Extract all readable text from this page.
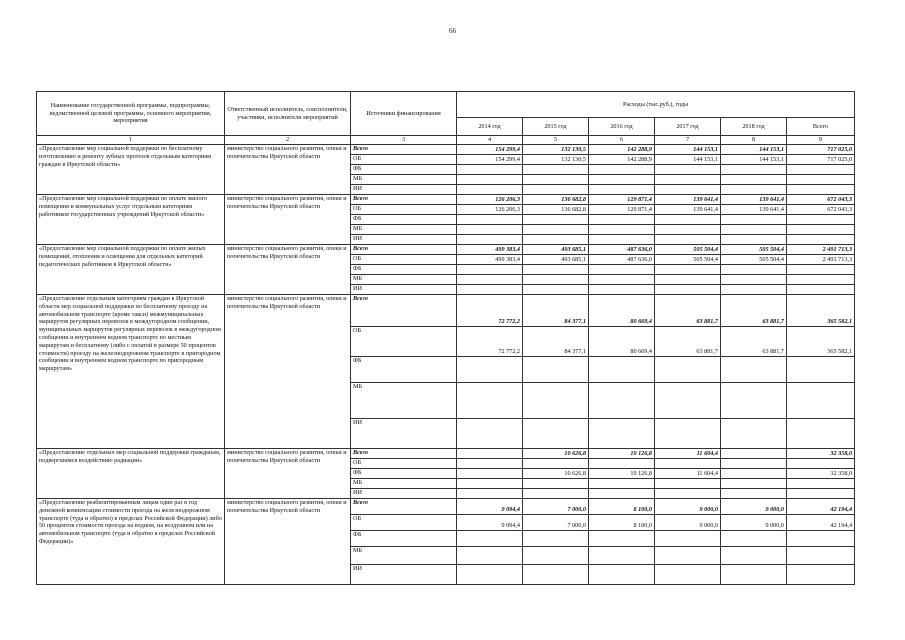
66
Наименование государственной программы, подпрограммы, ведомственной целевой программы, основного мероприятия, мероприятия	Ответственный исполнитель, соисполнители, участники, исполнители мероприятий	Источники финансирования	Расходы (тыс.руб.), годы					
			2014 год	2015 год	2016 год	2017 год	2018 год	Всего
1	2	3	4	5	6	7	8	9
«Предоставление мер социальной поддержки по бесплатному изготовлению и ремонту зубных протезов отдельным категориям граждан в Иркутской области»	министерство социального развития, опеки и попечительства Иркутской области	Всего	154 299,4	132 130,5	142 288,9	144 153,1	144 153,1	717 025,0
		ОБ	154 299,4	132 130,5	142 288,9	144 153,1	144 153,1	717 025,0
		ФБ						
		МБ						
		ИИ						
«Предоставление мер социальной поддержки по оплате жилого помещения и коммунальных услуг отдельным категориям работников государственных учреждений Иркутской области»	министерство социального развития, опеки и попечительства Иркутской области	Всего	126 206,3	136 682,8	129 871,4	139 641,4	139 641,4	672 043,3
		ОБ	126 206,3	136 682,8	129 871,4	139 641,4	139 641,4	672 043,3
		ФБ						
		МБ						
		ИИ						
«Предоставление мер социальной поддержки по оплате жилых помещений, отопления и освещения для отдельных категорий педагогических работников в Иркутской области»	министерство социального развития, опеки и попечительства Иркутской области	Всего	499 383,4	493 685,1	487 636,0	505 504,4	505 504,4	2 491 713,3
		ОБ	499 383,4	493 685,1	487 636,0	505 504,4	505 504,4	2 491 713,3
		ФБ						
		МБ						
		ИИ						
«Предоставление отдельным категориям граждан в Иркутской области мер социальной поддержки по бесплатному проезду на автомобильном транспорте (кроме такси) межмуниципальных маршрутов регулярных перевозок в междугородном сообщении, муниципальных маршрутов регулярных перевозок в междугородном сообщении и внутреннем водном транспорте по местным маршрутам и бесплатному (либо с оплатой в размере 50 процентов стоимости) проезду на железнодорожном транспорте в пригородном сообщении и внутреннем водном транспорте по пригородным маршрутам»	министерство социального развития, опеки и попечительства Иркутской области	Всего	72 772,2	84 377,1	80 669,4	63 881,7	63 881,7	365 582,1
		ОБ	72 772,2	84 377,1	80 669,4	63 881,7	63 881,7	365 582,1
		ФБ						
		МБ						
		ИИ						
«Предоставление отдельных мер социальной поддержки гражданам, подвергшимся воздействию радиации»	министерство социального развития, опеки и попечительства Иркутской области	Всего		10 626,8	10 126,8	11 604,4		32 358,0
		ОБ						
		ФБ		10 626,8	10 126,8	11 604,4		32 358,0
		МБ						
		ИИ						
«Предоставление реабилитированным лицам один раз в год денежной компенсации стоимости проезда на железнодорожном транспорте (туда и обратно) в пределах Российской Федерации) либо 50 процентов стоимости проезда на водном, на воздушном или на автомобильном транспорте (туда и обратно в пределах Российской Федерации)»	министерство социального развития, опеки и попечительства Иркутской области	Всего	9 094,4	7 000,0	8 100,0	9 000,0	9 000,0	42 194,4
		ОБ	9 094,4	7 000,0	8 100,0	9 000,0	9 000,0	42 194,4
		ФБ						
		МБ						
		ИИ						
